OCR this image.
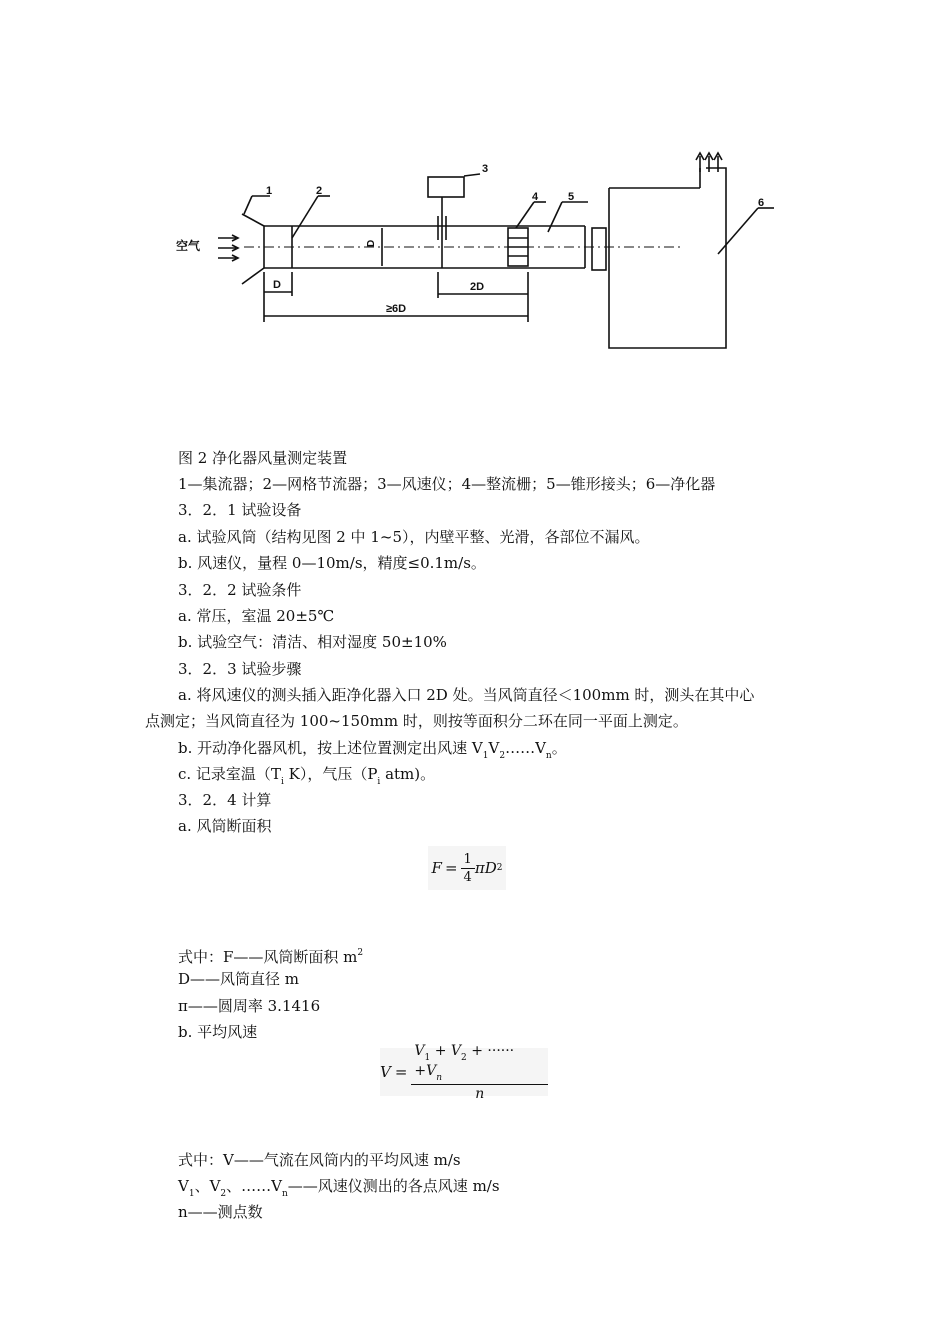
1	2
3
4	5	6
空气	D
D	2D
≥6D
图 2 净化器风量测定装置
1—集流器；2—网格节流器；3—风速仪；4—整流栅；5—锥形接头；6—净化器
3．2．1 试验设备
a. 试验风筒（结构见图 2 中 1~5），内壁平整、光滑，各部位不漏风。
b. 风速仪，量程 0—10m/s，精度≤0.1m/s。
3．2．2 试验条件
a. 常压，室温 20±5℃
b. 试验空气：清洁、相对湿度 50±10%
3．2．3 试验步骤
a. 将风速仪的测头插入距净化器入口 2D 处。当风筒直径＜100mm 时，测头在其中心
点测定；当风筒直径为 100~150mm 时，则按等面积分二环在同一平面上测定。
b. 开动净化器风机，按上述位置测定出风速 $V_1V_2\dots\dots V_n$。
c. 记录室温（$T_i$ K），气压（$P_i$ atm)。
3．2．4 计算
a. 风筒断面积
$F = \frac{1}{4}$ π D 2
式中：F——风筒断面积 $m^2$
D——风筒直径 m
π——圆周率 3.1416
b. 平均风速
$V = \frac{V_1 + V_2 + \cdot\cdot\cdot\cdot\cdot\cdot +V_n}{n}$
式中：V——气流在风筒内的平均风速 m/s
$V_1$、$V_2$、$\dots\dots V_n——$风速仪测出的各点风速 m/s
n——测点数
